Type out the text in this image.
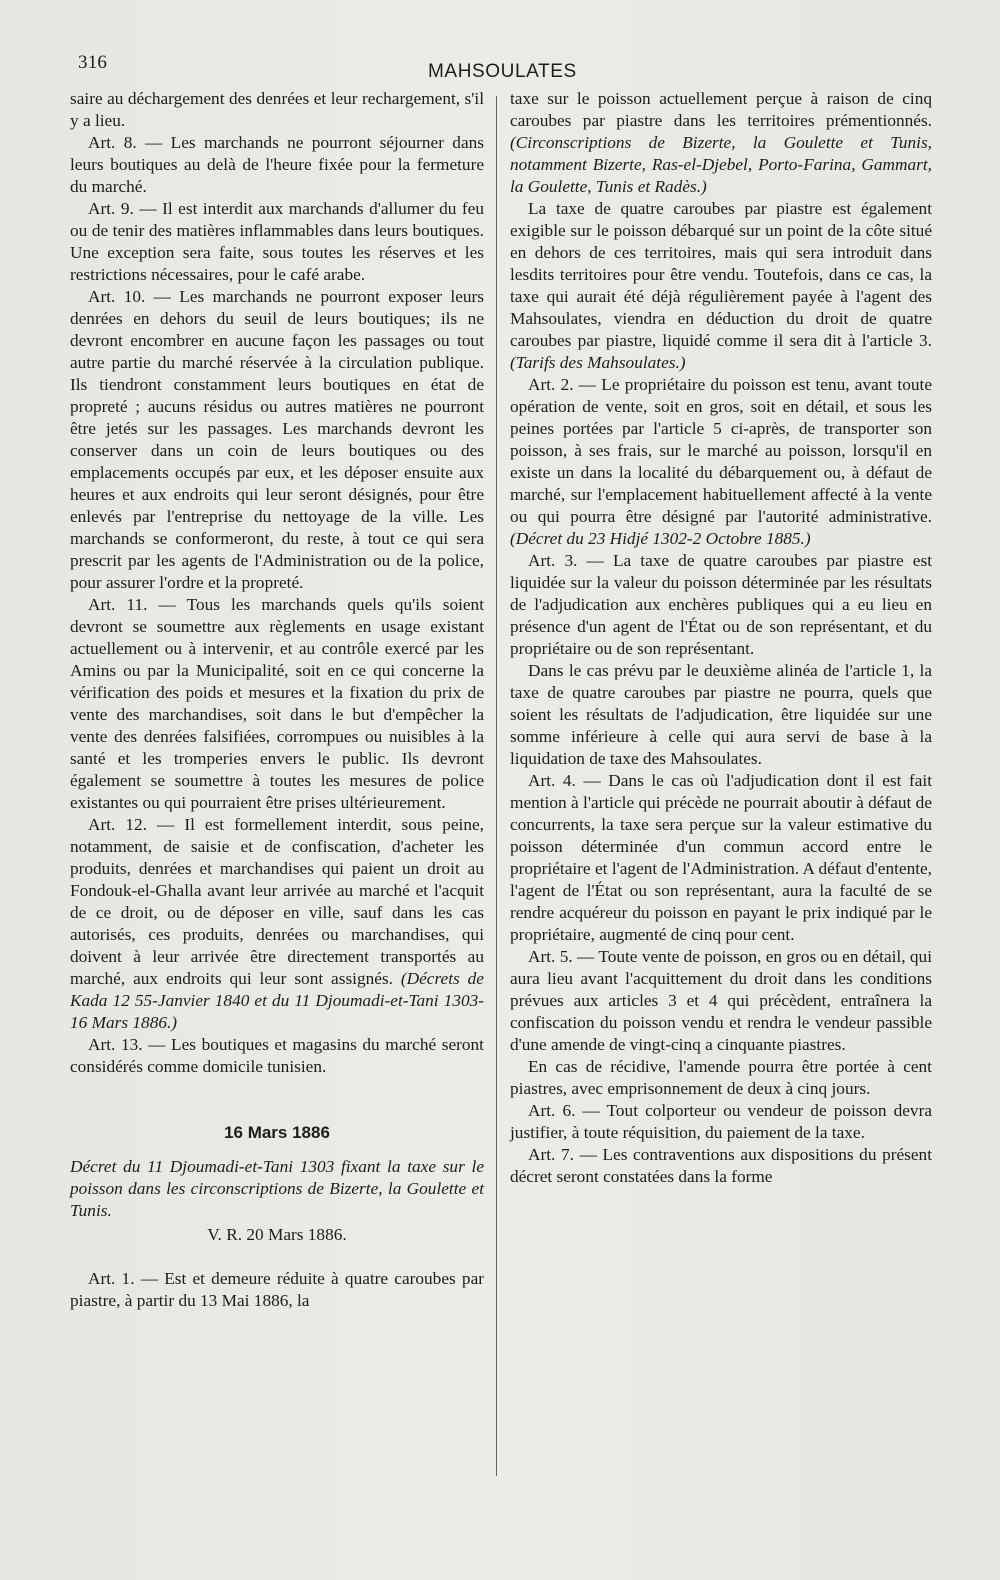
316	MAHSOULATES

saire au déchargement des denrées et leur rechargement, s'il y a lieu.

Art. 8. — Les marchands ne pourront séjourner dans leurs boutiques au delà de l'heure fixée pour la fermeture du marché.

Art. 9. — Il est interdit aux marchands d'allumer du feu ou de tenir des matières inflammables dans leurs boutiques. Une exception sera faite, sous toutes les réserves et les restrictions nécessaires, pour le café arabe.

Art. 10. — Les marchands ne pourront exposer leurs denrées en dehors du seuil de leurs boutiques; ils ne devront encombrer en aucune façon les passages ou tout autre partie du marché réservée à la circulation publique. Ils tiendront constamment leurs boutiques en état de propreté ; aucuns résidus ou autres matières ne pourront être jetés sur les passages. Les marchands devront les conserver dans un coin de leurs boutiques ou des emplacements occupés par eux, et les déposer ensuite aux heures et aux endroits qui leur seront désignés, pour être enlevés par l'entreprise du nettoyage de la ville. Les marchands se conformeront, du reste, à tout ce qui sera prescrit par les agents de l'Administration ou de la police, pour assurer l'ordre et la propreté.

Art. 11. — Tous les marchands quels qu'ils soient devront se soumettre aux règlements en usage existant actuellement ou à intervenir, et au contrôle exercé par les Amins ou par la Municipalité, soit en ce qui concerne la vérification des poids et mesures et la fixation du prix de vente des marchandises, soit dans le but d'empêcher la vente des denrées falsifiées, corrompues ou nuisibles à la santé et les tromperies envers le public. Ils devront également se soumettre à toutes les mesures de police existantes ou qui pourraient être prises ultérieurement.

Art. 12. — Il est formellement interdit, sous peine, notamment, de saisie et de confiscation, d'acheter les produits, denrées et marchandises qui paient un droit au Fondouk-el-Ghalla avant leur arrivée au marché et l'acquit de ce droit, ou de déposer en ville, sauf dans les cas autorisés, ces produits, denrées ou marchandises, qui doivent à leur arrivée être directement transportés au marché, aux endroits qui leur sont assignés. (Décrets de Kada 12 55-Janvier 1840 et du 11 Djoumadi-et-Tani 1303-16 Mars 1886.)

Art. 13. — Les boutiques et magasins du marché seront considérés comme domicile tunisien.

16 Mars 1886

Décret du 11 Djoumadi-et-Tani 1303 fixant la taxe sur le poisson dans les circonscriptions de Bizerte, la Goulette et Tunis.

V. R. 20 Mars 1886.

Art. 1. — Est et demeure réduite à quatre caroubes par piastre, à partir du 13 Mai 1886, la

taxe sur le poisson actuellement perçue à raison de cinq caroubes par piastre dans les territoires prémentionnés. (Circonscriptions de Bizerte, la Goulette et Tunis, notamment Bizerte, Ras-el-Djebel, Porto-Farina, Gammart, la Goulette, Tunis et Radès.)

La taxe de quatre caroubes par piastre est également exigible sur le poisson débarqué sur un point de la côte situé en dehors de ces territoires, mais qui sera introduit dans lesdits territoires pour être vendu. Toutefois, dans ce cas, la taxe qui aurait été déjà régulièrement payée à l'agent des Mahsoulates, viendra en déduction du droit de quatre caroubes par piastre, liquidé comme il sera dit à l'article 3. (Tarifs des Mahsoulates.)

Art. 2. — Le propriétaire du poisson est tenu, avant toute opération de vente, soit en gros, soit en détail, et sous les peines portées par l'article 5 ci-après, de transporter son poisson, à ses frais, sur le marché au poisson, lorsqu'il en existe un dans la localité du débarquement ou, à défaut de marché, sur l'emplacement habituellement affecté à la vente ou qui pourra être désigné par l'autorité administrative. (Décret du 23 Hidjé 1302-2 Octobre 1885.)

Art. 3. — La taxe de quatre caroubes par piastre est liquidée sur la valeur du poisson déterminée par les résultats de l'adjudication aux enchères publiques qui a eu lieu en présence d'un agent de l'État ou de son représentant, et du propriétaire ou de son représentant.

Dans le cas prévu par le deuxième alinéa de l'article 1, la taxe de quatre caroubes par piastre ne pourra, quels que soient les résultats de l'adjudication, être liquidée sur une somme inférieure à celle qui aura servi de base à la liquidation de taxe des Mahsoulates.

Art. 4. — Dans le cas où l'adjudication dont il est fait mention à l'article qui précède ne pourrait aboutir à défaut de concurrents, la taxe sera perçue sur la valeur estimative du poisson déterminée d'un commun accord entre le propriétaire et l'agent de l'Administration. A défaut d'entente, l'agent de l'État ou son représentant, aura la faculté de se rendre acquéreur du poisson en payant le prix indiqué par le propriétaire, augmenté de cinq pour cent.

Art. 5. — Toute vente de poisson, en gros ou en détail, qui aura lieu avant l'acquittement du droit dans les conditions prévues aux articles 3 et 4 qui précèdent, entraînera la confiscation du poisson vendu et rendra le vendeur passible d'une amende de vingt-cinq a cinquante piastres.

En cas de récidive, l'amende pourra être portée à cent piastres, avec emprisonnement de deux à cinq jours.

Art. 6. — Tout colporteur ou vendeur de poisson devra justifier, à toute réquisition, du paiement de la taxe.

Art. 7. — Les contraventions aux dispositions du présent décret seront constatées dans la forme
